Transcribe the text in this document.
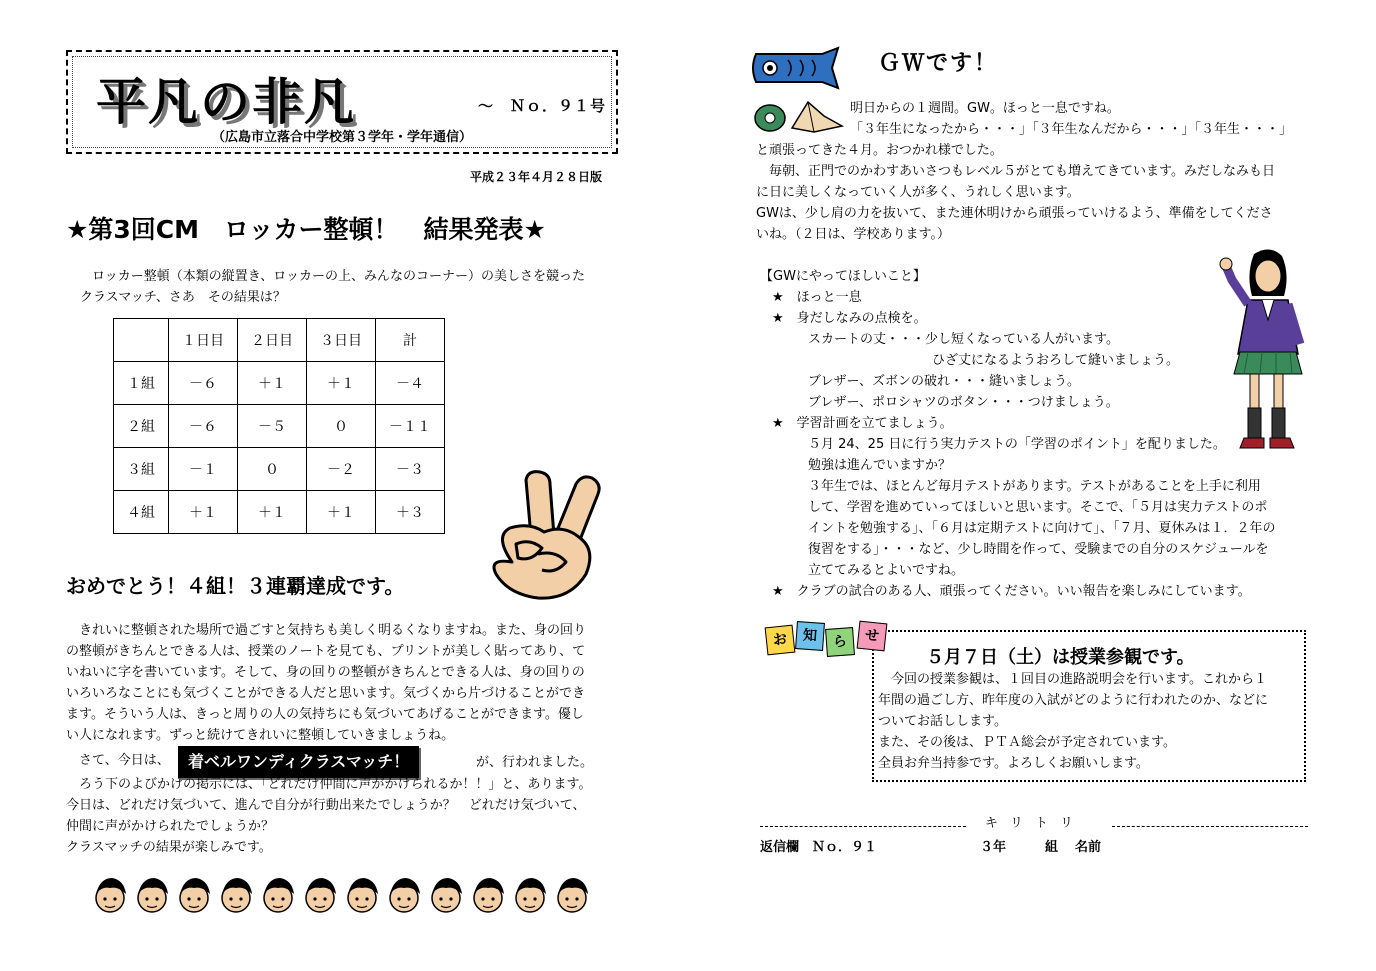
平凡の非凡	～　Ｎｏ．９１号
（広島市立落合中学校第３学年・学年通信）
平成２３年４月２８日版
★第3回CM　ロッカー整頓！　結果発表★
ロッカー整頓（本類の縦置き、ロッカーの上、みんなのコーナー）の美しさを競った
クラスマッチ、さあ　その結果は？
	１日目	２日目	３日目	計
１組	－６	＋１	＋１	－４
２組	－６	－５	０	－１１
３組	－１	０	－２	－３
４組	＋１	＋１	＋１	＋３
おめでとう！４組！３連覇達成です。
　きれいに整頓された場所で過ごすと気持ちも美しく明るくなりますね。また、身の回り
の整頓がきちんとできる人は、授業のノートを見ても、プリントが美しく貼ってあり、て
いねいに字を書いています。そして、身の回りの整頓がきちんとできる人は、身の回りの
いろいろなことにも気づくことができる人だと思います。気づくから片づけることができ
ます。そういう人は、きっと周りの人の気持ちにも気づいてあげることができます。優し
い人になれます。ずっと続けてきれいに整頓していきましょうね。
　さて、今日は、	着ベルワンディクラスマッチ！	が、行われました。
　ろう下のよびかけの掲示には、「どれだけ仲間に声がかけられるか！！」と、あります。
今日は、どれだけ気づいて、進んで自分が行動出来たでしょうか？　どれだけ気づいて、
仲間に声がかけられたでしょうか？
クラスマッチの結果が楽しみです。
ＧＷです！
明日からの１週間。GW。ほっと一息ですね。
「３年生になったから・・・」「３年生なんだから・・・」「３年生・・・」
と頑張ってきた４月。おつかれ様でした。
　毎朝、正門でのかわすあいさつもレベル５がとても増えてきています。みだしなみも日
に日に美しくなっていく人が多く、うれしく思います。
GWは、少し肩の力を抜いて、また連休明けから頑張っていけるよう、準備をしてくださ
いね。（２日は、学校あります。）
【GWにやってほしいこと】
★　ほっと一息
★　身だしなみの点検を。
スカートの丈・・・少し短くなっている人がいます。
ひざ丈になるようおろして縫いましょう。
ブレザー、ズボンの破れ・・・縫いましょう。
ブレザー、ポロシャツのボタン・・・つけましょう。
★　学習計画を立てましょう。
５月 24、25 日に行う実力テストの「学習のポイント」を配りました。
勉強は進んでいますか？
３年生では、ほとんど毎月テストがあります。テストがあることを上手に利用
して、学習を進めていってほしいと思います。そこで、「５月は実力テストのポ
イントを勉強する」、「６月は定期テストに向けて」、「７月、夏休みは１．２年の
復習をする」・・・など、少し時間を作って、受験までの自分のスケジュールを
立ててみるとよいですね。
★　クラブの試合のある人、頑張ってください。いい報告を楽しみにしています。
お	知	ら	せ
５月７日（土）は授業参観です。
　今回の授業参観は、１回目の進路説明会を行います。これから１
年間の過ごし方、昨年度の入試がどのように行われたのか、などに
ついてお話しします。
また、その後は、ＰＴＡ総会が予定されています。
全員お弁当持参です。よろしくお願いします。
キリトリ
返信欄　Ｎｏ．９１	３年	組 名前
